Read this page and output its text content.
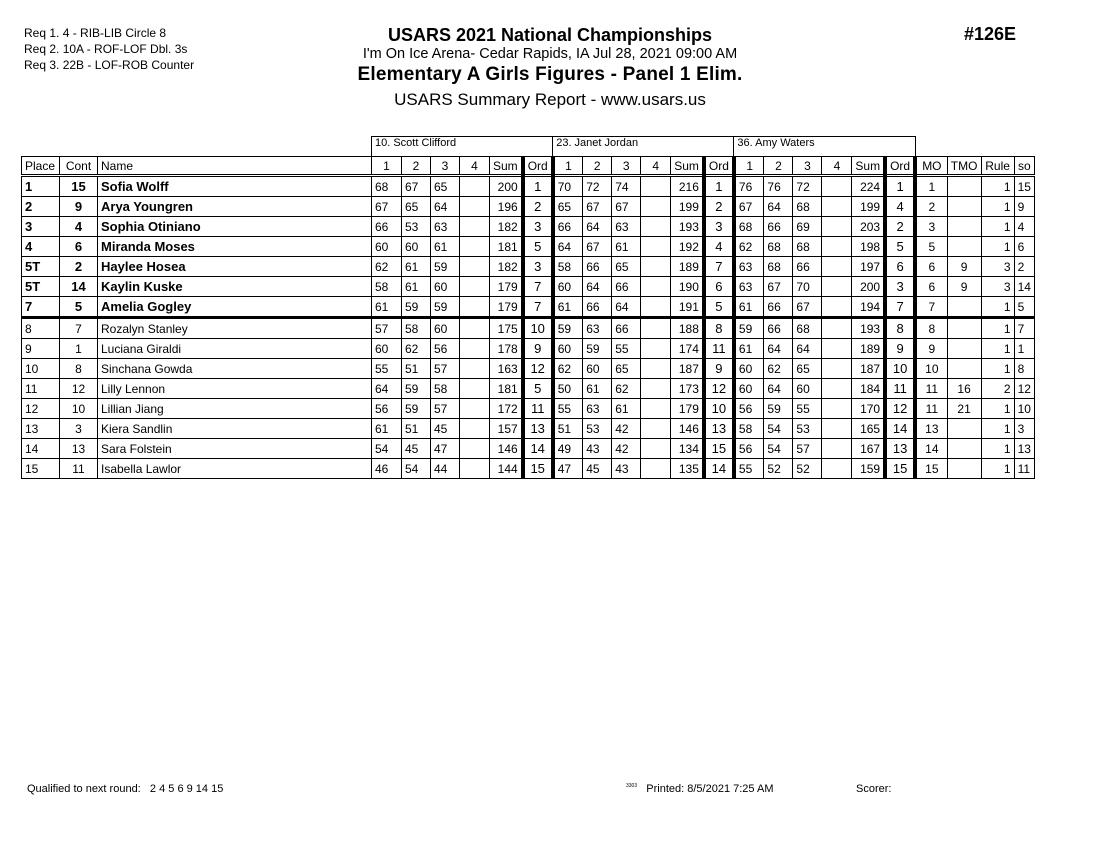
Req 1. 4 - RIB-LIB Circle 8
Req 2. 10A - ROF-LOF Dbl. 3s
Req 3. 22B - LOF-ROB Counter
USARS 2021 National Championships
I'm On Ice Arena- Cedar Rapids, IA Jul 28, 2021 09:00 AM
Elementary A Girls Figures - Panel 1 Elim.
USARS Summary Report - www.usars.us
#126E
			10. Scott Clifford						23. Janet Jordan						36. Amy Waters									
Place	Cont	Name	1	2	3	4	Sum	Ord	1	2	3	4	Sum	Ord	1	2	3	4	Sum	Ord	MO	TMO	Rule	so
1	15	Sofia Wolff	68	67	65		200	1	70	72	74		216	1	76	76	72		224	1	1		1	15
2	9	Arya Youngren	67	65	64		196	2	65	67	67		199	2	67	64	68		199	4	2		1	9
3	4	Sophia Otiniano	66	53	63		182	3	66	64	63		193	3	68	66	69		203	2	3		1	4
4	6	Miranda Moses	60	60	61		181	5	64	67	61		192	4	62	68	68		198	5	5		1	6
5T	2	Haylee Hosea	62	61	59		182	3	58	66	65		189	7	63	68	66		197	6	6	9	3	2
5T	14	Kaylin Kuske	58	61	60		179	7	60	64	66		190	6	63	67	70		200	3	6	9	3	14
7	5	Amelia Gogley	61	59	59		179	7	61	66	64		191	5	61	66	67		194	7	7		1	5
8	7	Rozalyn Stanley	57	58	60		175	10	59	63	66		188	8	59	66	68		193	8	8		1	7
9	1	Luciana Giraldi	60	62	56		178	9	60	59	55		174	11	61	64	64		189	9	9		1	1
10	8	Sinchana Gowda	55	51	57		163	12	62	60	65		187	9	60	62	65		187	10	10		1	8
11	12	Lilly Lennon	64	59	58		181	5	50	61	62		173	12	60	64	60		184	11	11	16	2	12
12	10	Lillian Jiang	56	59	57		172	11	55	63	61		179	10	56	59	55		170	12	11	21	1	10
13	3	Kiera Sandlin	61	51	45		157	13	51	53	42		146	13	58	54	53		165	14	13		1	3
14	13	Sara Folstein	54	45	47		146	14	49	43	42		134	15	56	54	57		167	13	14		1	13
15	11	Isabella Lawlor	46	54	44		144	15	47	45	43		135	14	55	52	52		159	15	15		1	11
Qualified to next round: 2 4 5 6 9 14 15	$^{3303}$ Printed: 8/5/2021 7:25 AM	Scorer:
